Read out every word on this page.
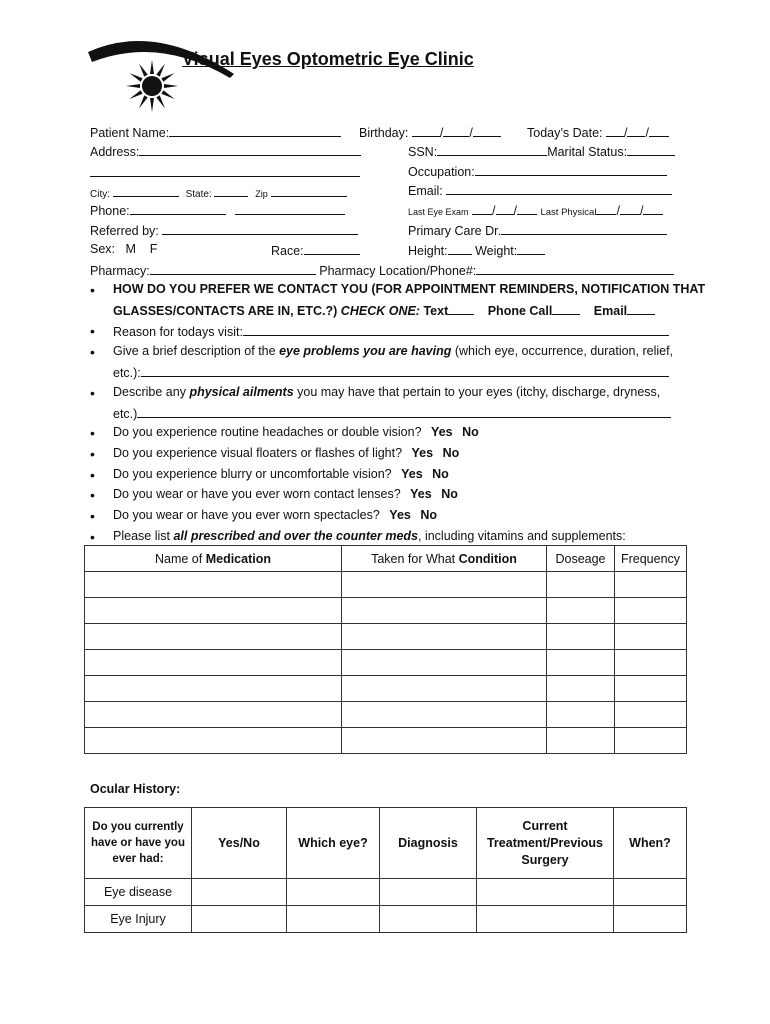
Visual Eyes Optometric Eye Clinic
Patient Name:	Birthday:	/ /	Today’s Date: / /
Address:	SSN:	Marital Status:
Occupation:
City:	State:	Zip	Email:
Phone:	Last Eye Exam / / Last Physical / /
Referred by:	Primary Care Dr.
Sex: M F	Race:	Height: Weight:
Pharmacy:	Pharmacy Location/Phone#:
• HOW DO YOU PREFER WE CONTACT YOU (FOR APPOINTMENT REMINDERS, NOTIFICATION THAT
GLASSES/CONTACTS ARE IN, ETC.?) CHECK ONE: Text	Phone Call	Email
• Reason for todays visit:
• Give a brief description of the eye problems you are having (which eye, occurrence, duration, relief,
etc.):
• Describe any physical ailments you may have that pertain to your eyes (itchy, discharge, dryness,
etc.)
• Do you experience routine headaches or double vision? Yes No
• Do you experience visual floaters or flashes of light? Yes No
• Do you experience blurry or uncomfortable vision? Yes No
• Do you wear or have you ever worn contact lenses? Yes No
• Do you wear or have you ever worn spectacles? Yes No
• Please list all prescribed and over the counter meds, including vitamins and supplements:
Name of Medication	Taken for What Condition	Doseage	Frequency

Ocular History:
Do you currently have or have you ever had:	Yes/No	Which eye?	Diagnosis	Current Treatment/Previous Surgery	When?
Eye disease					
Eye Injury					
